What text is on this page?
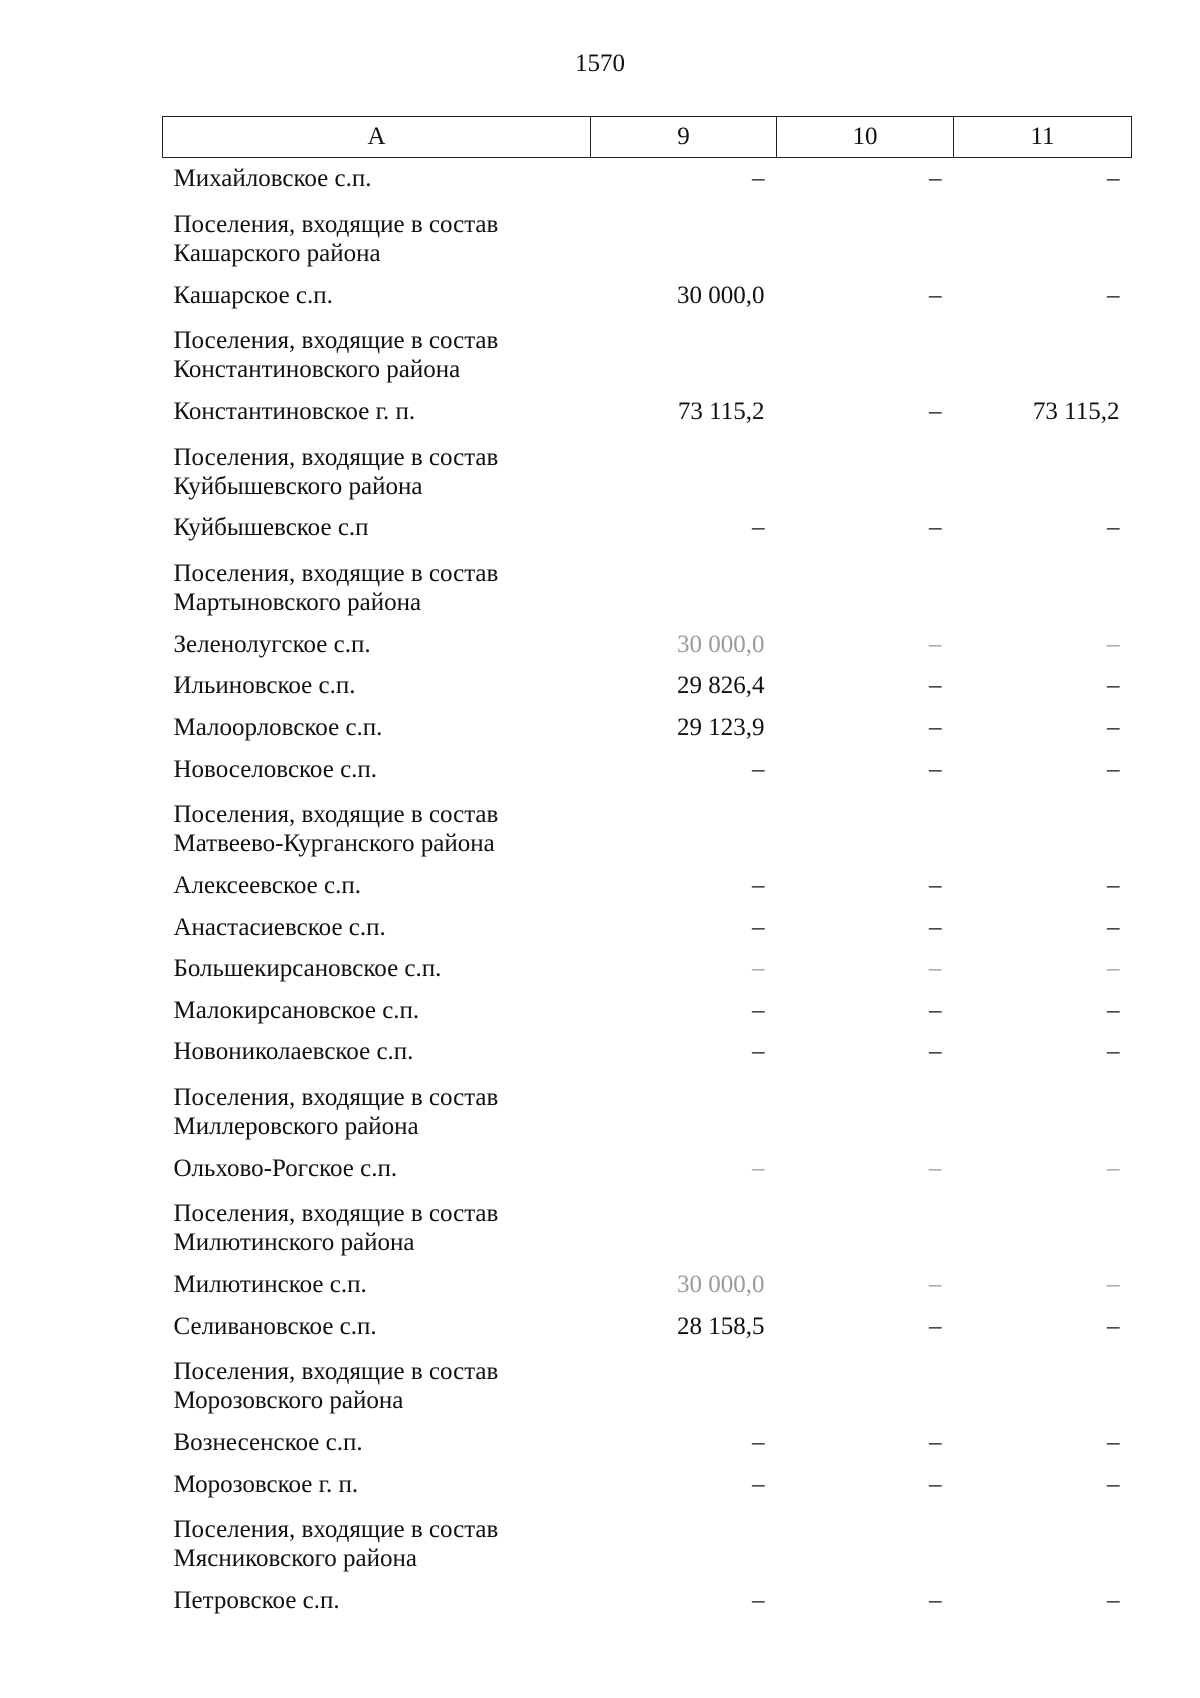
1570
A	9	10	11
Михайловское с.п.	–	–	–
Поселения, входящие в состав Кашарского района			
Кашарское с.п.	30 000,0	–	–
Поселения, входящие в состав Константиновского района			
Константиновское г. п.	73 115,2	–	73 115,2
Поселения, входящие в состав Куйбышевского района			
Куйбышевское с.п	–	–	–
Поселения, входящие в состав Мартыновского района			
Зеленолугское с.п.	30 000,0	–	–
Ильиновское с.п.	29 826,4	–	–
Малоорловское с.п.	29 123,9	–	–
Новоселовское с.п.	–	–	–
Поселения, входящие в состав Матвеево-Курганского района			
Алексеевское с.п.	–	–	–
Анастасиевское с.п.	–	–	–
Большекирсановское с.п.	–	–	–
Малокирсановское с.п.	–	–	–
Новониколаевское с.п.	–	–	–
Поселения, входящие в состав Миллеровского района			
Ольхово-Рогское с.п.	–	–	–
Поселения, входящие в состав Милютинского района			
Милютинское с.п.	30 000,0	–	–
Селивановское с.п.	28 158,5	–	–
Поселения, входящие в состав Морозовского района			
Вознесенское с.п.	–	–	–
Морозовское г. п.	–	–	–
Поселения, входящие в состав Мясниковского района			
Петровское с.п.	–	–	–
